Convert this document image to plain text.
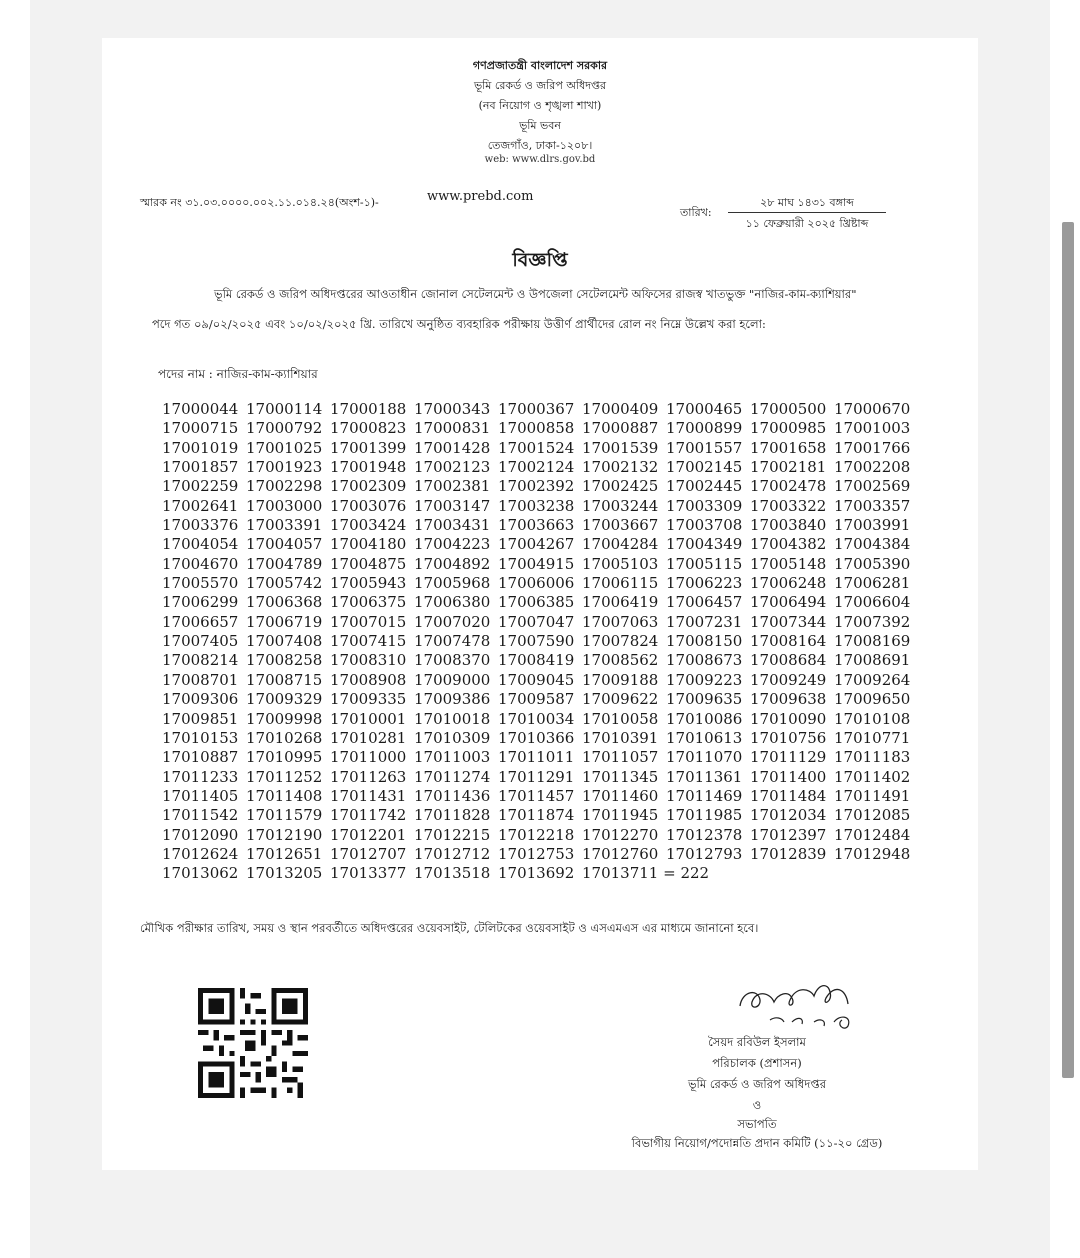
গণপ্রজাতন্ত্রী বাংলাদেশ সরকার
ভূমি রেকর্ড ও জরিপ অধিদপ্তর
(নব নিয়োগ ও শৃঙ্খলা শাখা)
ভূমি ভবন
তেজগাঁও, ঢাকা-১২০৮।
web: www.dlrs.gov.bd
স্মারক নং ৩১.০৩.০০০০.০০২.১১.০১৪.২৪(অংশ-১)-	www.prebd.com
তারিখ:
২৮ মাঘ ১৪৩১ বঙ্গাব্দ
১১ ফেব্রুয়ারী ২০২৫ খ্রিষ্টাব্দ
বিজ্ঞপ্তি
ভূমি রেকর্ড ও জরিপ অধিদপ্তরের আওতাধীন জোনাল সেটেলমেন্ট ও উপজেলা সেটেলমেন্ট অফিসের রাজস্ব খাতভুক্ত "নাজির-কাম-ক্যাশিয়ার"
পদে গত ০৯/০২/২০২৫ এবং ১০/০২/২০২৫ খ্রি. তারিখে অনুষ্ঠিত ব্যবহারিক পরীক্ষায় উত্তীর্ণ প্রার্থীদের রোল নং নিম্নে উল্লেখ করা হলো:
পদের নাম : নাজির-কাম-ক্যাশিয়ার
17000044 17000114 17000188 17000343 17000367 17000409 17000465 17000500 17000670
17000715 17000792 17000823 17000831 17000858 17000887 17000899 17000985 17001003
17001019 17001025 17001399 17001428 17001524 17001539 17001557 17001658 17001766
17001857 17001923 17001948 17002123 17002124 17002132 17002145 17002181 17002208
17002259 17002298 17002309 17002381 17002392 17002425 17002445 17002478 17002569
17002641 17003000 17003076 17003147 17003238 17003244 17003309 17003322 17003357
17003376 17003391 17003424 17003431 17003663 17003667 17003708 17003840 17003991
17004054 17004057 17004180 17004223 17004267 17004284 17004349 17004382 17004384
17004670 17004789 17004875 17004892 17004915 17005103 17005115 17005148 17005390
17005570 17005742 17005943 17005968 17006006 17006115 17006223 17006248 17006281
17006299 17006368 17006375 17006380 17006385 17006419 17006457 17006494 17006604
17006657 17006719 17007015 17007020 17007047 17007063 17007231 17007344 17007392
17007405 17007408 17007415 17007478 17007590 17007824 17008150 17008164 17008169
17008214 17008258 17008310 17008370 17008419 17008562 17008673 17008684 17008691
17008701 17008715 17008908 17009000 17009045 17009188 17009223 17009249 17009264
17009306 17009329 17009335 17009386 17009587 17009622 17009635 17009638 17009650
17009851 17009998 17010001 17010018 17010034 17010058 17010086 17010090 17010108
17010153 17010268 17010281 17010309 17010366 17010391 17010613 17010756 17010771
17010887 17010995 17011000 17011003 17011011 17011057 17011070 17011129 17011183
17011233 17011252 17011263 17011274 17011291 17011345 17011361 17011400 17011402
17011405 17011408 17011431 17011436 17011457 17011460 17011469 17011484 17011491
17011542 17011579 17011742 17011828 17011874 17011945 17011985 17012034 17012085
17012090 17012190 17012201 17012215 17012218 17012270 17012378 17012397 17012484
17012624 17012651 17012707 17012712 17012753 17012760 17012793 17012839 17012948
17013062 17013205 17013377 17013518 17013692 17013711 = 222
মৌখিক পরীক্ষার তারিখ, সময় ও স্থান পরবর্তীতে অধিদপ্তরের ওয়েবসাইট, টেলিটকের ওয়েবসাইট ও এসএমএস এর মাধ্যমে জানানো হবে।
সৈয়দ রবিউল ইসলাম
পরিচালক (প্রশাসন)
ভূমি রেকর্ড ও জরিপ অধিদপ্তর
ও
সভাপতি
বিভাগীয় নিয়োগ/পদোন্নতি প্রদান কমিটি (১১-২০ গ্রেড)
